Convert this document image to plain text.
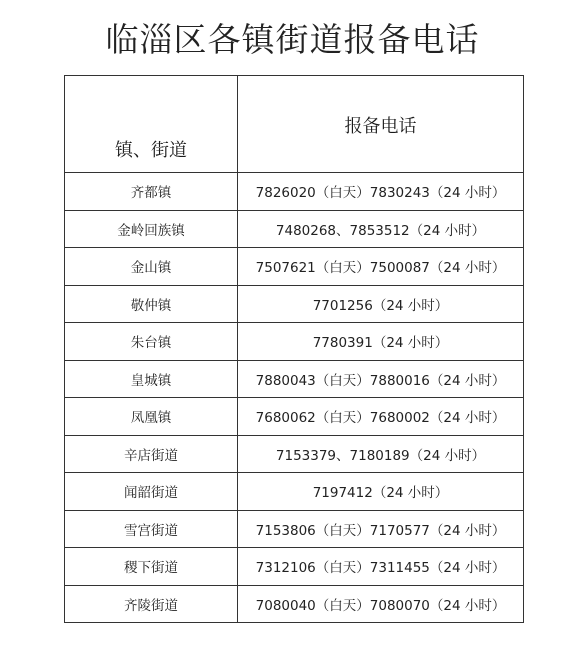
临淄区各镇街道报备电话
镇、街道	报备电话
齐都镇	7826020（白天）7830243（24 小时）
金岭回族镇	7480268、7853512（24 小时）
金山镇	7507621（白天）7500087（24 小时）
敬仲镇	7701256（24 小时）
朱台镇	7780391（24 小时）
皇城镇	7880043（白天）7880016（24 小时）
凤凰镇	7680062（白天）7680002（24 小时）
辛店街道	7153379、7180189（24 小时）
闻韶街道	7197412（24 小时）
雪宫街道	7153806（白天）7170577（24 小时）
稷下街道	7312106（白天）7311455（24 小时）
齐陵街道	7080040（白天）7080070（24 小时）
